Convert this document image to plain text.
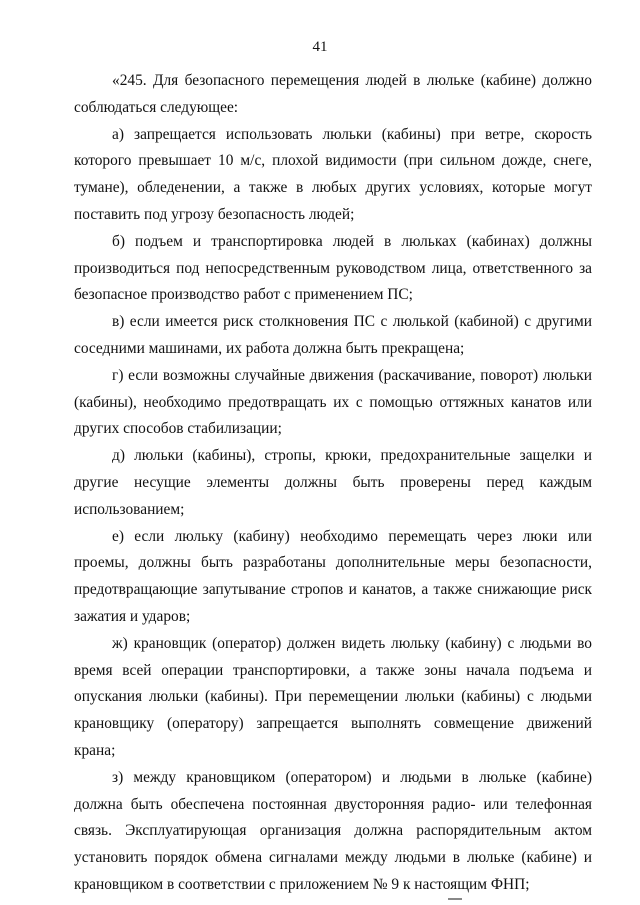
41

«245. Для безопасного перемещения людей в люльке (кабине) должно соблюдаться следующее:

а) запрещается использовать люльки (кабины) при ветре, скорость которого превышает 10 м/с, плохой видимости (при сильном дожде, снеге, тумане), обледенении, а также в любых других условиях, которые могут поставить под угрозу безопасность людей;

б) подъем и транспортировка людей в люльках (кабинах) должны производиться под непосредственным руководством лица, ответственного за безопасное производство работ с применением ПС;

в) если имеется риск столкновения ПС с люлькой (кабиной) с другими соседними машинами, их работа должна быть прекращена;

г) если возможны случайные движения (раскачивание, поворот) люльки (кабины), необходимо предотвращать их с помощью оттяжных канатов или других способов стабилизации;

д) люльки (кабины), стропы, крюки, предохранительные защелки и другие несущие элементы должны быть проверены перед каждым использованием;

е) если люльку (кабину) необходимо перемещать через люки или проемы, должны быть разработаны дополнительные меры безопасности, предотвращающие запутывание стропов и канатов, а также снижающие риск зажатия и ударов;

ж) крановщик (оператор) должен видеть люльку (кабину) с людьми во время всей операции транспортировки, а также зоны начала подъема и опускания люльки (кабины). При перемещении люльки (кабины) с людьми крановщику (оператору) запрещается выполнять совмещение движений крана;

з) между крановщиком (оператором) и людьми в люльке (кабине) должна быть обеспечена постоянная двусторонняя радио- или телефонная связь. Эксплуатирующая организация должна распорядительным актом установить порядок обмена сигналами между людьми в люльке (кабине) и крановщиком в соответствии с приложением № 9 к настоящим ФНП;
